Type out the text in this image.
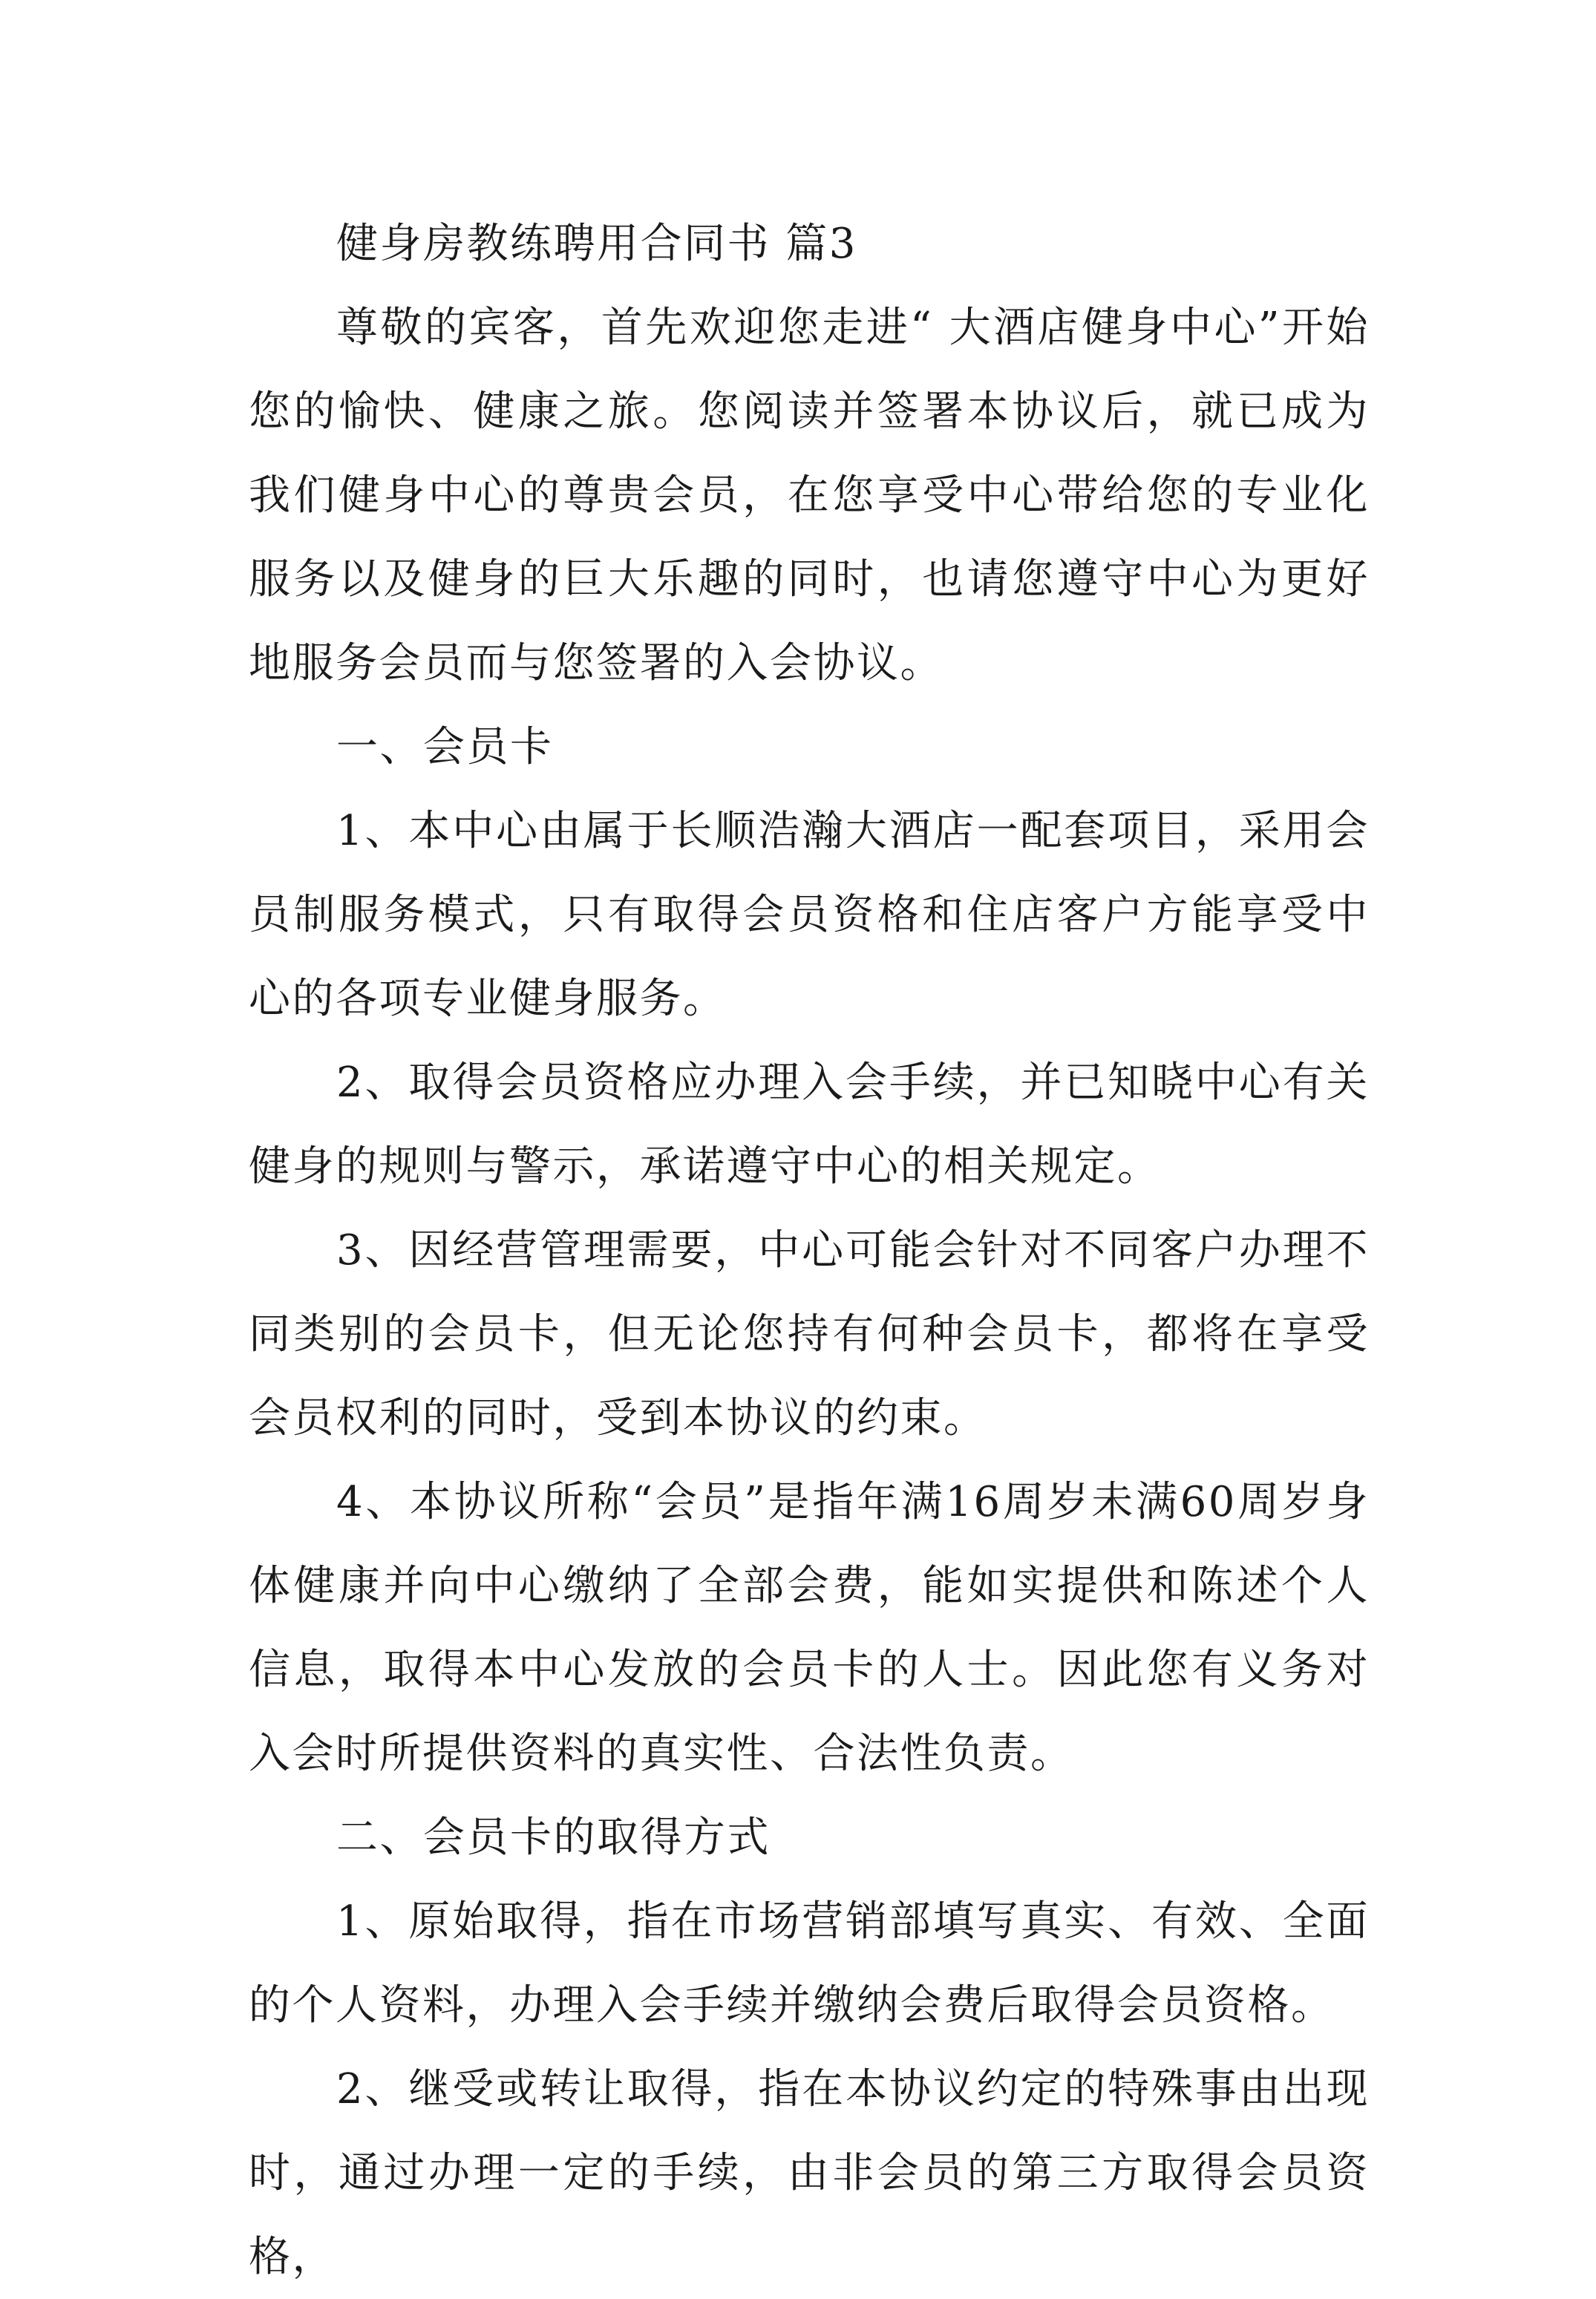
健身房教练聘用合同书 篇3

尊敬的宾客，首先欢迎您走进“ 大酒店健身中心”开始您的愉快、健康之旅。您阅读并签署本协议后，就已成为我们健身中心的尊贵会员，在您享受中心带给您的专业化服务以及健身的巨大乐趣的同时，也请您遵守中心为更好地服务会员而与您签署的入会协议。

一、会员卡

1、本中心由属于长顺浩瀚大酒店一配套项目，采用会员制服务模式，只有取得会员资格和住店客户方能享受中心的各项专业健身服务。

2、取得会员资格应办理入会手续，并已知晓中心有关健身的规则与警示，承诺遵守中心的相关规定。

3、因经营管理需要，中心可能会针对不同客户办理不同类别的会员卡，但无论您持有何种会员卡，都将在享受会员权利的同时，受到本协议的约束。

4、本协议所称“会员”是指年满16周岁未满60周岁身体健康并向中心缴纳了全部会费，能如实提供和陈述个人信息，取得本中心发放的会员卡的人士。因此您有义务对入会时所提供资料的真实性、合法性负责。

二、会员卡的取得方式

1、原始取得，指在市场营销部填写真实、有效、全面的个人资料，办理入会手续并缴纳会费后取得会员资格。

2、继受或转让取得，指在本协议约定的特殊事由出现时，通过办理一定的手续，由非会员的第三方取得会员资格，
